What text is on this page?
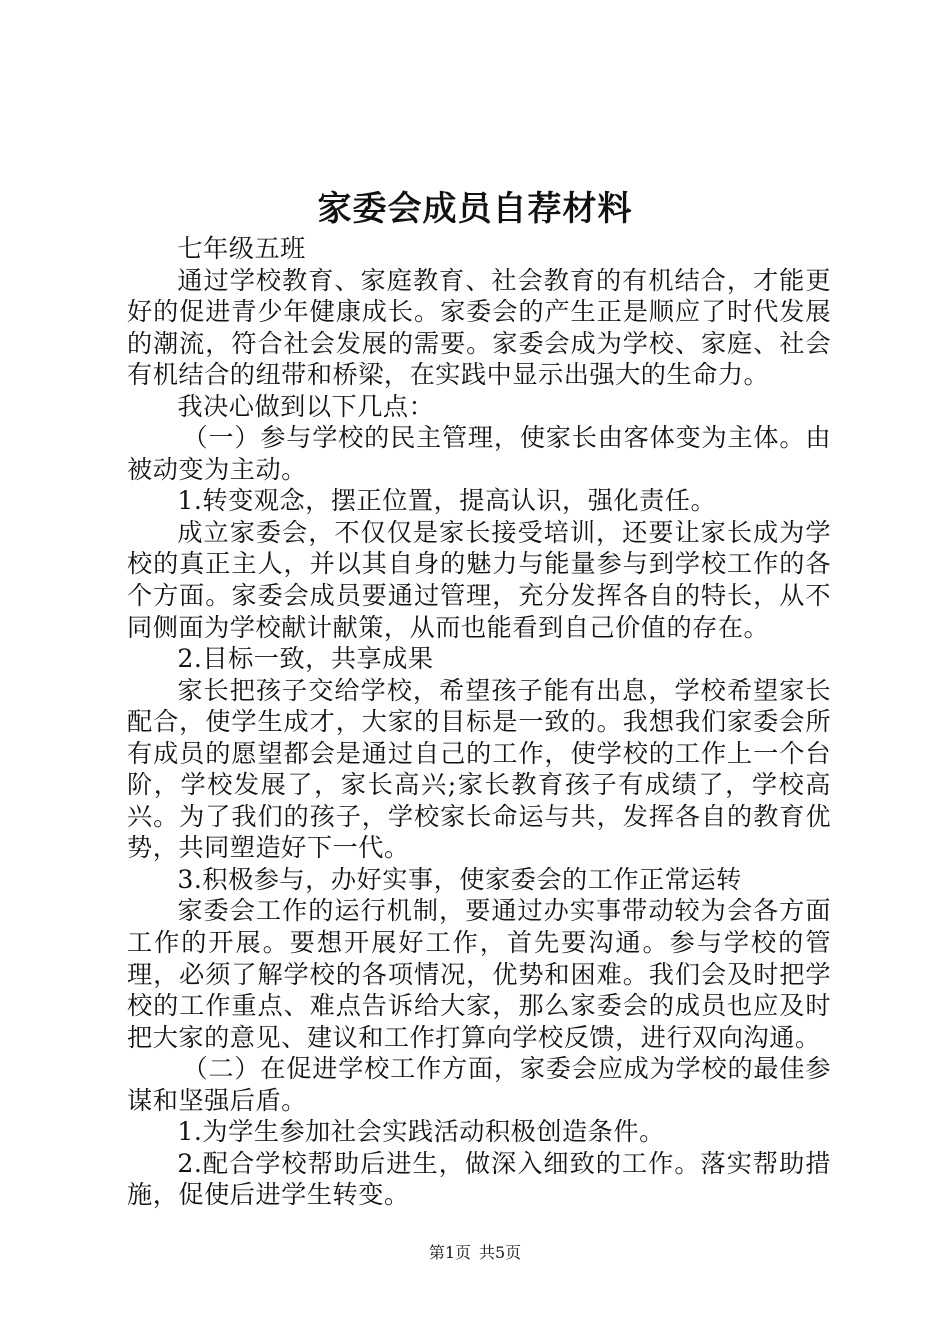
家委会成员自荐材料

七年级五班

通过学校教育、家庭教育、社会教育的有机结合，才能更好的促进青少年健康成长。家委会的产生正是顺应了时代发展的潮流，符合社会发展的需要。家委会成为学校、家庭、社会有机结合的纽带和桥梁，在实践中显示出强大的生命力。

我决心做到以下几点：

（一）参与学校的民主管理，使家长由客体变为主体。由被动变为主动。

1.转变观念，摆正位置，提高认识，强化责任。

成立家委会，不仅仅是家长接受培训，还要让家长成为学校的真正主人，并以其自身的魅力与能量参与到学校工作的各个方面。家委会成员要通过管理，充分发挥各自的特长，从不同侧面为学校献计献策，从而也能看到自己价值的存在。

2.目标一致，共享成果

家长把孩子交给学校，希望孩子能有出息，学校希望家长配合，使学生成才，大家的目标是一致的。我想我们家委会所有成员的愿望都会是通过自己的工作，使学校的工作上一个台阶，学校发展了，家长高兴;家长教育孩子有成绩了，学校高兴。为了我们的孩子，学校家长命运与共，发挥各自的教育优势，共同塑造好下一代。

3.积极参与，办好实事，使家委会的工作正常运转

家委会工作的运行机制，要通过办实事带动较为会各方面工作的开展。要想开展好工作，首先要沟通。参与学校的管理，必须了解学校的各项情况，优势和困难。我们会及时把学校的工作重点、难点告诉给大家，那么家委会的成员也应及时把大家的意见、建议和工作打算向学校反馈，进行双向沟通。

（二）在促进学校工作方面，家委会应成为学校的最佳参谋和坚强后盾。

1.为学生参加社会实践活动积极创造条件。

2.配合学校帮助后进生，做深入细致的工作。落实帮助措施，促使后进学生转变。

第1页 共5页
